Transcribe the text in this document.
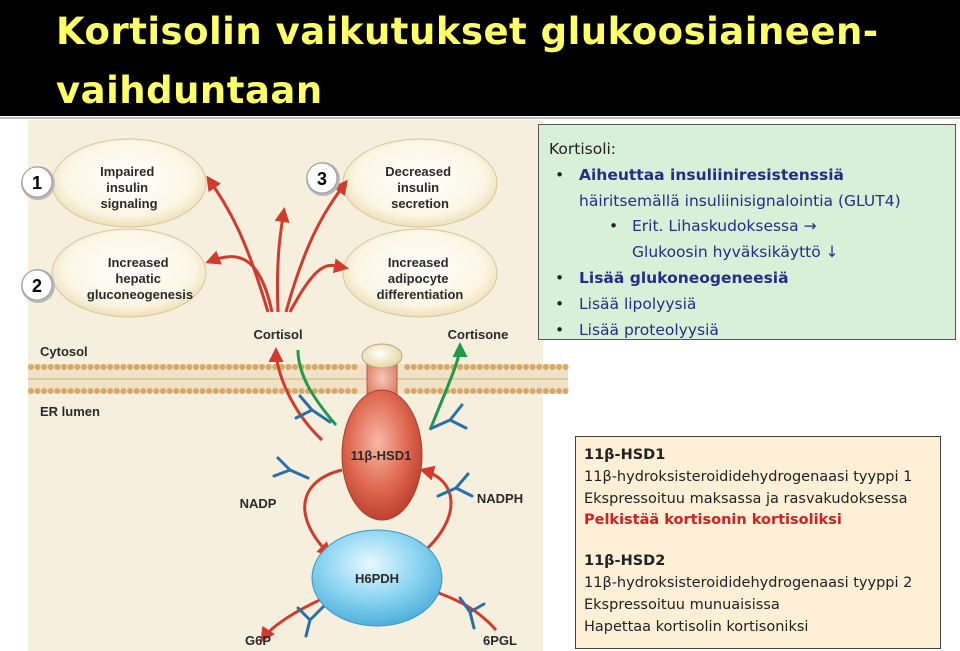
Kortisolin vaikutukset glukoosiaineen-vaihduntaan
Impaired insulin signaling
Decreased insulin secretion
Increased hepatic gluconeogenesis
Increased adipocyte differentiation
11β-HSD1
H6PDH
Cortisol	Cortisone
Cytosol
ER lumen
NADP	NADPH
G6P	6PGL
1
2
3
Kortisoli:
• Aiheuttaa insuliiniresistenssiä
häiritsemällä insuliinisignalointia (GLUT4)
• Erit. Lihaskudoksessa →
Glukoosin hyväksikäyttö ↓
• Lisää glukoneogeneesiä
• Lisää lipolyysiä
• Lisää proteolyysiä
11β-HSD1
11β-hydroksisteroididehydrogenaasi tyyppi 1
Ekspressoituu maksassa ja rasvakudoksessa
Pelkistää kortisonin kortisoliksi
11β-HSD2
11β-hydroksisteroididehydrogenaasi tyyppi 2
Ekspressoituu munuaisissa
Hapettaa kortisolin kortisoniksi
